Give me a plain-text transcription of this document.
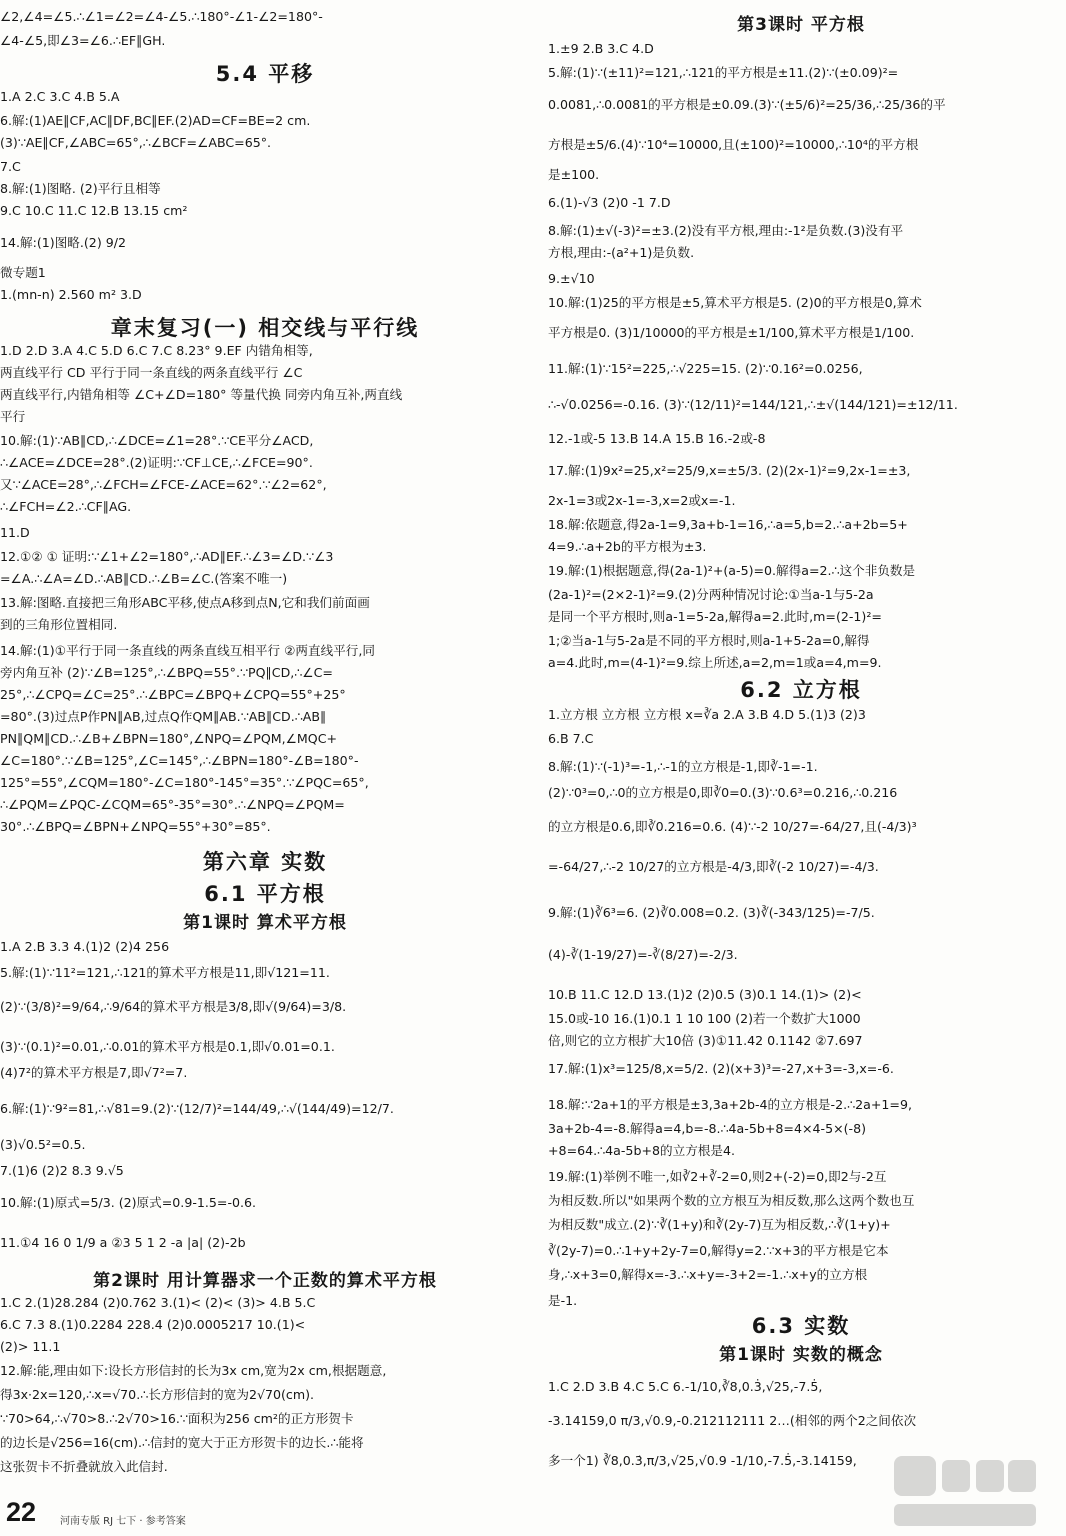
∠2,∠4=∠5.∴∠1=∠2=∠4-∠5.∴180°-∠1-∠2=180°-
∠4-∠5,即∠3=∠6.∴EF∥GH.
5.4 平移
1.A 2.C 3.C 4.B 5.A
6.解:(1)AE∥CF,AC∥DF,BC∥EF.(2)AD=CF=BE=2 cm.
(3)∵AE∥CF,∠ABC=65°,∴∠BCF=∠ABC=65°.
7.C
8.解:(1)图略. (2)平行且相等
9.C 10.C 11.C 12.B 13.15 cm²
14.解:(1)图略.(2) 9/2
微专题1
1.(mn-n) 2.560 m² 3.D
章末复习(一) 相交线与平行线
1.D 2.D 3.A 4.C 5.D 6.C 7.C 8.23° 9.EF 内错角相等,
两直线平行 CD 平行于同一条直线的两条直线平行 ∠C
两直线平行,内错角相等 ∠C+∠D=180° 等量代换 同旁内角互补,两直线
平行
10.解:(1)∵AB∥CD,∴∠DCE=∠1=28°.∵CE平分∠ACD,
∴∠ACE=∠DCE=28°.(2)证明:∵CF⊥CE,∴∠FCE=90°.
又∵∠ACE=28°,∴∠FCH=∠FCE-∠ACE=62°.∵∠2=62°,
∴∠FCH=∠2.∴CF∥AG.
11.D
12.①② ① 证明:∵∠1+∠2=180°,∴AD∥EF.∴∠3=∠D.∵∠3
=∠A.∴∠A=∠D.∴AB∥CD.∴∠B=∠C.(答案不唯一)
13.解:图略.直接把三角形ABC平移,使点A移到点N,它和我们前面画
到的三角形位置相同.
14.解:(1)①平行于同一条直线的两条直线互相平行 ②两直线平行,同
旁内角互补 (2)∵∠B=125°,∴∠BPQ=55°.∵PQ∥CD,∴∠C=
25°,∴∠CPQ=∠C=25°.∴∠BPC=∠BPQ+∠CPQ=55°+25°
=80°.(3)过点P作PN∥AB,过点Q作QM∥AB.∵AB∥CD.∴AB∥
PN∥QM∥CD.∴∠B+∠BPN=180°,∠NPQ=∠PQM,∠MQC+
∠C=180°.∵∠B=125°,∠C=145°,∴∠BPN=180°-∠B=180°-
125°=55°,∠CQM=180°-∠C=180°-145°=35°.∵∠PQC=65°,
∴∠PQM=∠PQC-∠CQM=65°-35°=30°.∴∠NPQ=∠PQM=
30°.∴∠BPQ=∠BPN+∠NPQ=55°+30°=85°.
第六章 实数
6.1 平方根
第1课时 算术平方根
1.A 2.B 3.3 4.(1)2 (2)4 256
5.解:(1)∵11²=121,∴121的算术平方根是11,即√121=11.
(2)∵(3/8)²=9/64,∴9/64的算术平方根是3/8,即√(9/64)=3/8.
(3)∵(0.1)²=0.01,∴0.01的算术平方根是0.1,即√0.01=0.1.
(4)7²的算术平方根是7,即√7²=7.
6.解:(1)∵9²=81,∴√81=9.(2)∵(12/7)²=144/49,∴√(144/49)=12/7.
(3)√0.5²=0.5.
7.(1)6 (2)2 8.3 9.√5
10.解:(1)原式=5/3. (2)原式=0.9-1.5=-0.6.
11.①4 16 0 1/9 a ②3 5 1 2 -a |a| (2)-2b
第2课时 用计算器求一个正数的算术平方根
1.C 2.(1)28.284 (2)0.762 3.(1)< (2)< (3)> 4.B 5.C
6.C 7.3 8.(1)0.2284 228.4 (2)0.0005217 10.(1)<
(2)> 11.1
12.解:能,理由如下:设长方形信封的长为3x cm,宽为2x cm,根据题意,
得3x·2x=120,∴x=√70.∴长方形信封的宽为2√70(cm).
∵70>64,∴√70>8.∴2√70>16.∵面积为256 cm²的正方形贺卡
的边长是√256=16(cm).∴信封的宽大于正方形贺卡的边长.∴能将
这张贺卡不折叠就放入此信封.
第3课时 平方根
1.±9 2.B 3.C 4.D
5.解:(1)∵(±11)²=121,∴121的平方根是±11.(2)∵(±0.09)²=
0.0081,∴0.0081的平方根是±0.09.(3)∵(±5/6)²=25/36,∴25/36的平
方根是±5/6.(4)∵10⁴=10000,且(±100)²=10000,∴10⁴的平方根
是±100.
6.(1)-√3 (2)0 -1 7.D
8.解:(1)±√(-3)²=±3.(2)没有平方根,理由:-1²是负数.(3)没有平
方根,理由:-(a²+1)是负数.
9.±√10
10.解:(1)25的平方根是±5,算术平方根是5. (2)0的平方根是0,算术
平方根是0. (3)1/10000的平方根是±1/100,算术平方根是1/100.
11.解:(1)∵15²=225,∴√225=15. (2)∵0.16²=0.0256,
∴-√0.0256=-0.16. (3)∵(12/11)²=144/121,∴±√(144/121)=±12/11.
12.-1或-5 13.B 14.A 15.B 16.-2或-8
17.解:(1)9x²=25,x²=25/9,x=±5/3. (2)(2x-1)²=9,2x-1=±3,
2x-1=3或2x-1=-3,x=2或x=-1.
18.解:依题意,得2a-1=9,3a+b-1=16,∴a=5,b=2.∴a+2b=5+
4=9.∴a+2b的平方根为±3.
19.解:(1)根据题意,得(2a-1)²+(a-5)=0.解得a=2.∴这个非负数是
(2a-1)²=(2×2-1)²=9.(2)分两种情况讨论:①当a-1与5-2a
是同一个平方根时,则a-1=5-2a,解得a=2.此时,m=(2-1)²=
1;②当a-1与5-2a是不同的平方根时,则a-1+5-2a=0,解得
a=4.此时,m=(4-1)²=9.综上所述,a=2,m=1或a=4,m=9.
6.2 立方根
1.立方根 立方根 立方根 x=∛a 2.A 3.B 4.D 5.(1)3 (2)3
6.B 7.C
8.解:(1)∵(-1)³=-1,∴-1的立方根是-1,即∛-1=-1.
(2)∵0³=0,∴0的立方根是0,即∛0=0.(3)∵0.6³=0.216,∴0.216
的立方根是0.6,即∛0.216=0.6. (4)∵-2 10/27=-64/27,且(-4/3)³
=-64/27,∴-2 10/27的立方根是-4/3,即∛(-2 10/27)=-4/3.
9.解:(1)∛6³=6. (2)∛0.008=0.2. (3)∛(-343/125)=-7/5.
(4)-∛(1-19/27)=-∛(8/27)=-2/3.
10.B 11.C 12.D 13.(1)2 (2)0.5 (3)0.1 14.(1)> (2)<
15.0或-10 16.(1)0.1 1 10 100 (2)若一个数扩大1000
倍,则它的立方根扩大10倍 (3)①11.42 0.1142 ②7.697
17.解:(1)x³=125/8,x=5/2. (2)(x+3)³=-27,x+3=-3,x=-6.
18.解:∵2a+1的平方根是±3,3a+2b-4的立方根是-2.∴2a+1=9,
3a+2b-4=-8.解得a=4,b=-8.∴4a-5b+8=4×4-5×(-8)
+8=64.∴4a-5b+8的立方根是4.
19.解:(1)举例不唯一,如∛2+∛-2=0,则2+(-2)=0,即2与-2互
为相反数.所以"如果两个数的立方根互为相反数,那么这两个数也互
为相反数"成立.(2)∵∛(1+y)和∛(2y-7)互为相反数,∴∛(1+y)+
∛(2y-7)=0.∴1+y+2y-7=0,解得y=2.∵x+3的平方根是它本
身,∴x+3=0,解得x=-3.∴x+y=-3+2=-1.∴x+y的立方根
是-1.
6.3 实数
第1课时 实数的概念
1.C 2.D 3.B 4.C 5.C 6.-1/10,∛8,0.3̇,√25,-7.5̇,
-3.14159,0 π/3,√0.9,-0.212112111 2…(相邻的两个2之间依次
多一个1) ∛8,0.3̇,π/3,√25,√0.9 -1/10,-7.5̇,-3.14159,
22 河南专版 RJ 七下 · 参考答案
